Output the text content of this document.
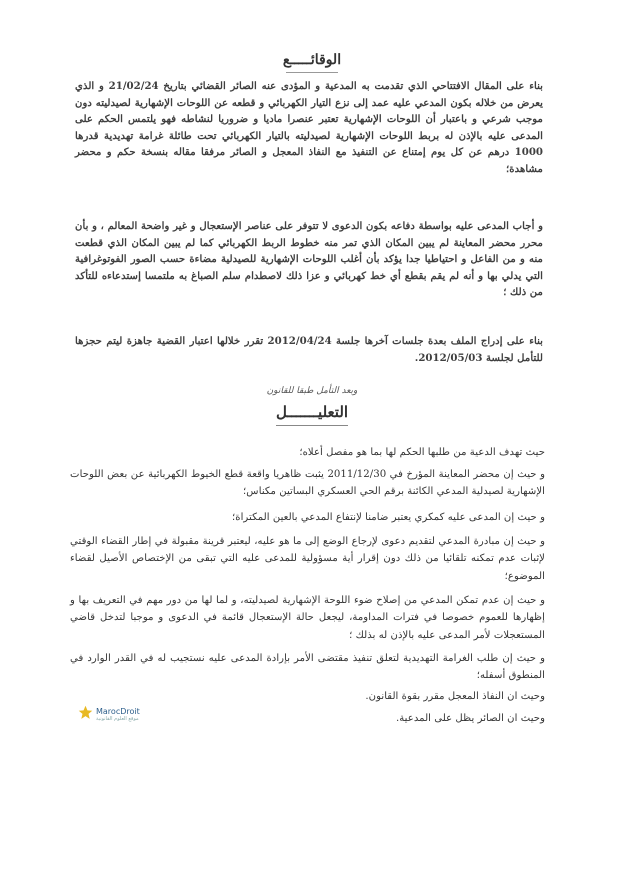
الوقائـــــع
بناء على المقال الافتتاحي الذي تقدمت به المدعية و المؤدى عنه الصائر القضائي بتاريخ 21/02/24 و الذي يعرض من خلاله بكون المدعي عليه عمد إلى نزع التيار الكهربائي و قطعه عن اللوحات الإشهارية لصيدليته دون موجب شرعي و باعتبار أن اللوحات الإشهارية تعتبر عنصرا ماديا و ضروريا لنشاطه فهو يلتمس الحكم على المدعى عليه بالإذن له بربط اللوحات الإشهارية لصيدليته بالتيار الكهربائي تحت طائلة غرامة تهديدية قدرها 1000 درهم عن كل يوم إمتناع عن التنفيذ مع النفاذ المعجل و الصائر مرفقا مقاله بنسخة حكم و محضر مشاهدة؛
و أجاب المدعى عليه بواسطة دفاعه بكون الدعوى لا تتوفر على عناصر الإستعجال و غير واضحة المعالم ، و بأن محرر محضر المعاينة لم يبين المكان الذي تمر منه خطوط الربط الكهربائي كما لم يبين المكان الذي قطعت منه و من الفاعل و احتياطيا جدا يؤكد بأن أغلب اللوحات الإشهارية للصيدلية مضاءة حسب الصور الفوتوغرافية التي يدلي بها و أنه لم يقم بقطع أي خط كهربائي و عزا ذلك لاصطدام سلم الصباغ به ملتمسا إستدعاءه للتأكد من ذلك ؛
بناء على إدراج الملف بعدة جلسات آخرها جلسة 2012/04/24 تقرر خلالها اعتبار القضية جاهزة ليتم حجزها للتأمل لجلسة 2012/05/03.
وبعد التأمل طبقا للقانون
التعليـــــــل
حيث تهدف الدعية من طلبها الحكم لها بما هو مفصل أعلاه؛
و حيث إن محضر المعاينة المؤرخ في 2011/12/30 يثبت ظاهريا واقعة قطع الخيوط الكهربائية عن بعض اللوحات الإشهارية لصيدلية المدعي الكائنة برقم الحي العسكري البساتين مكناس؛
و حيث إن المدعى عليه كمكري يعتبر ضامنا لإنتفاع المدعي بالعين المكتراة؛
و حيث إن مبادرة المدعي لتقديم دعوى لإرجاع الوضع إلى ما هو عليه، ليعتبر قرينة مقبولة في إطار القضاء الوقتي لإثبات عدم تمكنه تلقائيا من ذلك دون إقرار أية مسؤولية للمدعى عليه التي تبقى من الإختصاص الأصيل لقضاء الموضوع؛
و حيث إن عدم تمكن المدعي من إصلاح ضوء اللوحة الإشهارية لصيدليته، و لما لها من دور مهم في التعريف بها و إظهارها للعموم خصوصا في فترات المداومة، ليجعل حالة الإستعجال قائمة في الدعوى و موجبا لتدخل قاضي المستعجلات لأمر المدعى عليه بالإذن له بذلك ؛
و حيث إن طلب الغرامة التهديدية لتعلق تنفيذ مقتضى الأمر بإرادة المدعى عليه نستجيب له في القدر الوارد في المنطوق أسفله؛
وحيث ان النفاذ المعجل مقرر بقوة القانون.
وحيث ان الصائر يظل على المدعية.
MarocDroit
موقع العلوم القانونية
